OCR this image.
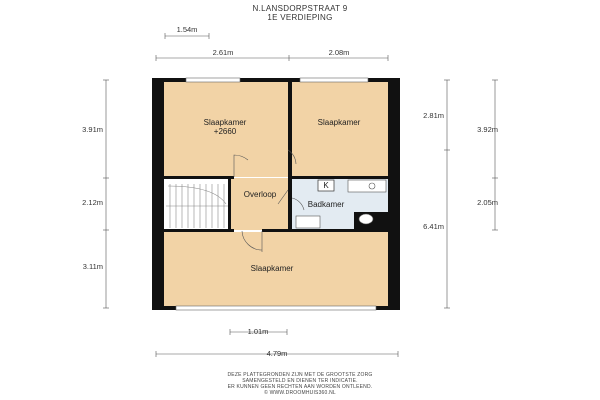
N.LANSDORPSTRAAT 9
1E VERDIEPING
1.54m
2.61m	2.08m
3.91m
2.12m
3.11m
2.81m
6.41m
3.92m
2.05m
1.01m
4.79m
Slaapkamer
+2660
Slaapkamer
Overloop
Badkamer
K
Slaapkamer
DEZE PLATTEGRONDEN ZIJN MET DE GROOTSTE ZORG
SAMENGESTELD EN DIENEN TER INDICATIE.
ER KUNNEN GEEN RECHTEN AAN WORDEN ONTLEEND.
© WWW.DROOMHUIS360.NL
